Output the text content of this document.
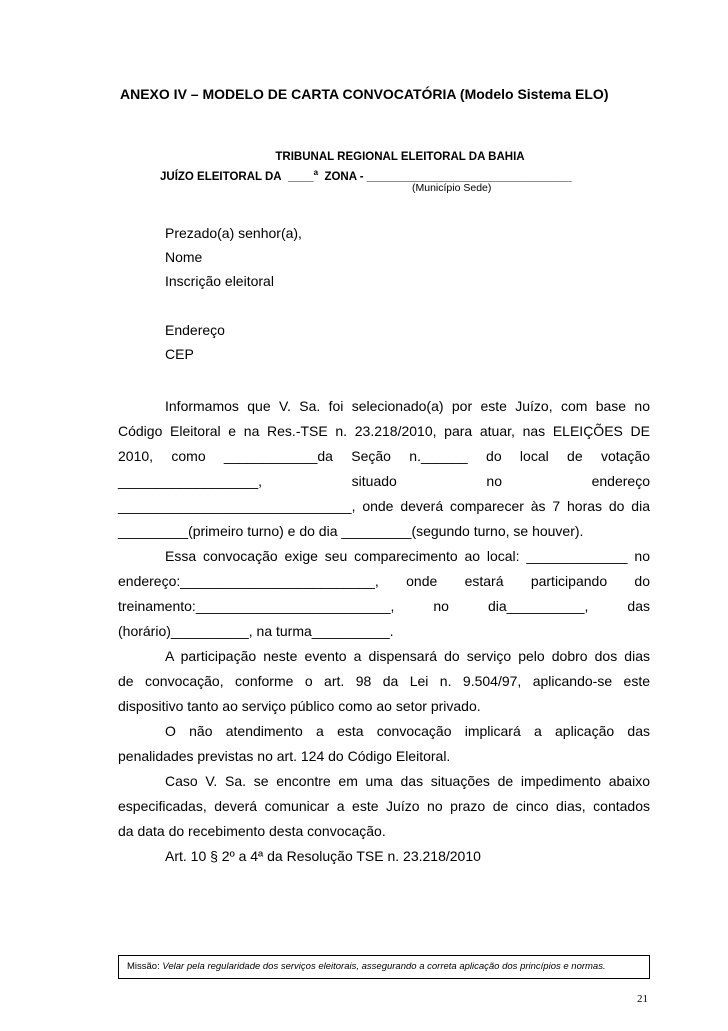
ANEXO IV – MODELO DE CARTA CONVOCATÓRIA (Modelo Sistema ELO)
TRIBUNAL REGIONAL ELEITORAL DA BAHIA
JUÍZO ELEITORAL DA ____$^a$ ZONA - ________________________________
(Município Sede)
Prezado(a) senhor(a),
Nome
Inscrição eleitoral
Endereço
CEP
Informamos que V. Sa. foi selecionado(a) por este Juízo, com base no
Código Eleitoral e na Res.-TSE n. 23.218/2010, para atuar, nas ELEIÇÕES DE
2010, como ____________da Seção n.______ do local de votação
__________________, situado no endereço
______________________________, onde deverá comparecer às 7 horas do dia
_________(primeiro turno) e do dia _________(segundo turno, se houver).
Essa convocação exige seu comparecimento ao local: _____________ no
endereço:_________________________, onde estará participando do
treinamento:_________________________, no dia__________, das
(horário)__________, na turma__________.
A participação neste evento a dispensará do serviço pelo dobro dos dias
de convocação, conforme o art. 98 da Lei n. 9.504/97, aplicando-se este
dispositivo tanto ao serviço público como ao setor privado.
O não atendimento a esta convocação implicará a aplicação das
penalidades previstas no art. 124 do Código Eleitoral.
Caso V. Sa. se encontre em uma das situações de impedimento abaixo
especificadas, deverá comunicar a este Juízo no prazo de cinco dias, contados
da data do recebimento desta convocação.
Art. 10 § 2º a 4ª da Resolução TSE n. 23.218/2010
Missão: Velar pela regularidade dos serviços eleitorais, assegurando a correta aplicação dos princípios e normas.
21
